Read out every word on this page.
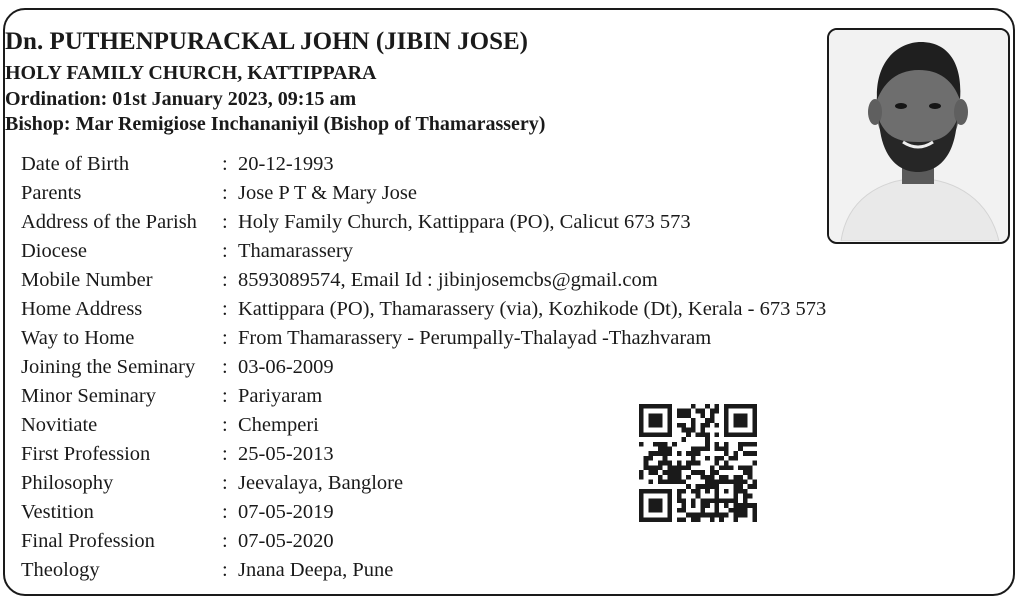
Dn. PUTHENPURACKAL JOHN (JIBIN JOSE)
HOLY FAMILY CHURCH, KATTIPPARA
Ordination: 01st January 2023, 09:15 am
Bishop: Mar Remigiose Inchananiyil (Bishop of Thamarassery)
Date of Birth	: 20-12-1993
Parents	: Jose P T & Mary Jose
Address of the Parish : Holy Family Church, Kattippara (PO), Calicut 673 573
Diocese	: Thamarassery
Mobile Number	: 8593089574, Email Id : jibinjosemcbs@gmail.com
Home Address	: Kattippara (PO), Thamarassery (via), Kozhikode (Dt), Kerala - 673 573
Way to Home	: From Thamarassery - Perumpally-Thalayad -Thazhvaram
Joining the Seminary : 03-06-2009
Minor Seminary	: Pariyaram
Novitiate	: Chemperi
First Profession	: 25-05-2013
Philosophy	: Jeevalaya, Banglore
Vestition	: 07-05-2019
Final Profession	: 07-05-2020
Theology	: Jnana Deepa, Pune
